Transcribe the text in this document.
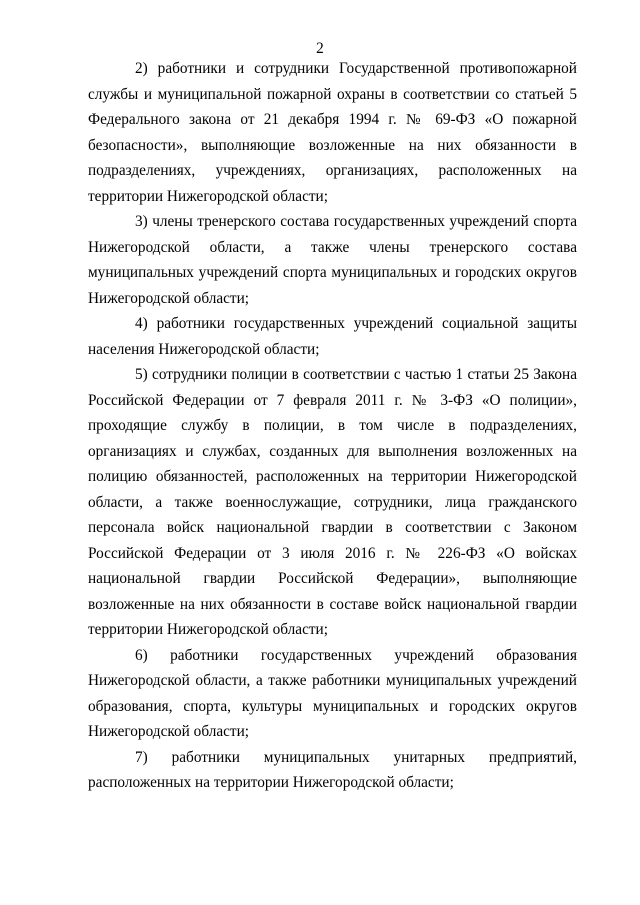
2
2) работники и сотрудники Государственной противопожарной
службы и муниципальной пожарной охраны в соответствии со статьей 5
Федерального закона от 21 декабря 1994 г. № 69-ФЗ «О пожарной
безопасности», выполняющие возложенные на них обязанности в
подразделениях, учреждениях, организациях, расположенных на
территории Нижегородской области;
3) члены тренерского состава государственных учреждений спорта
Нижегородской области, а также члены тренерского состава
муниципальных учреждений спорта муниципальных и городских округов
Нижегородской области;
4) работники государственных учреждений социальной защиты
населения Нижегородской области;
5) сотрудники полиции в соответствии с частью 1 статьи 25 Закона
Российской Федерации от 7 февраля 2011 г. № 3-ФЗ «О полиции»,
проходящие службу в полиции, в том числе в подразделениях,
организациях и службах, созданных для выполнения возложенных на
полицию обязанностей, расположенных на территории Нижегородской
области, а также военнослужащие, сотрудники, лица гражданского
персонала войск национальной гвардии в соответствии с Законом
Российской Федерации от 3 июля 2016 г. № 226-ФЗ «О войсках
национальной гвардии Российской Федерации», выполняющие
возложенные на них обязанности в составе войск национальной гвардии
территории Нижегородской области;
6) работники государственных учреждений образования
Нижегородской области, а также работники муниципальных учреждений
образования, спорта, культуры муниципальных и городских округов
Нижегородской области;
7) работники муниципальных унитарных предприятий,
расположенных на территории Нижегородской области;
